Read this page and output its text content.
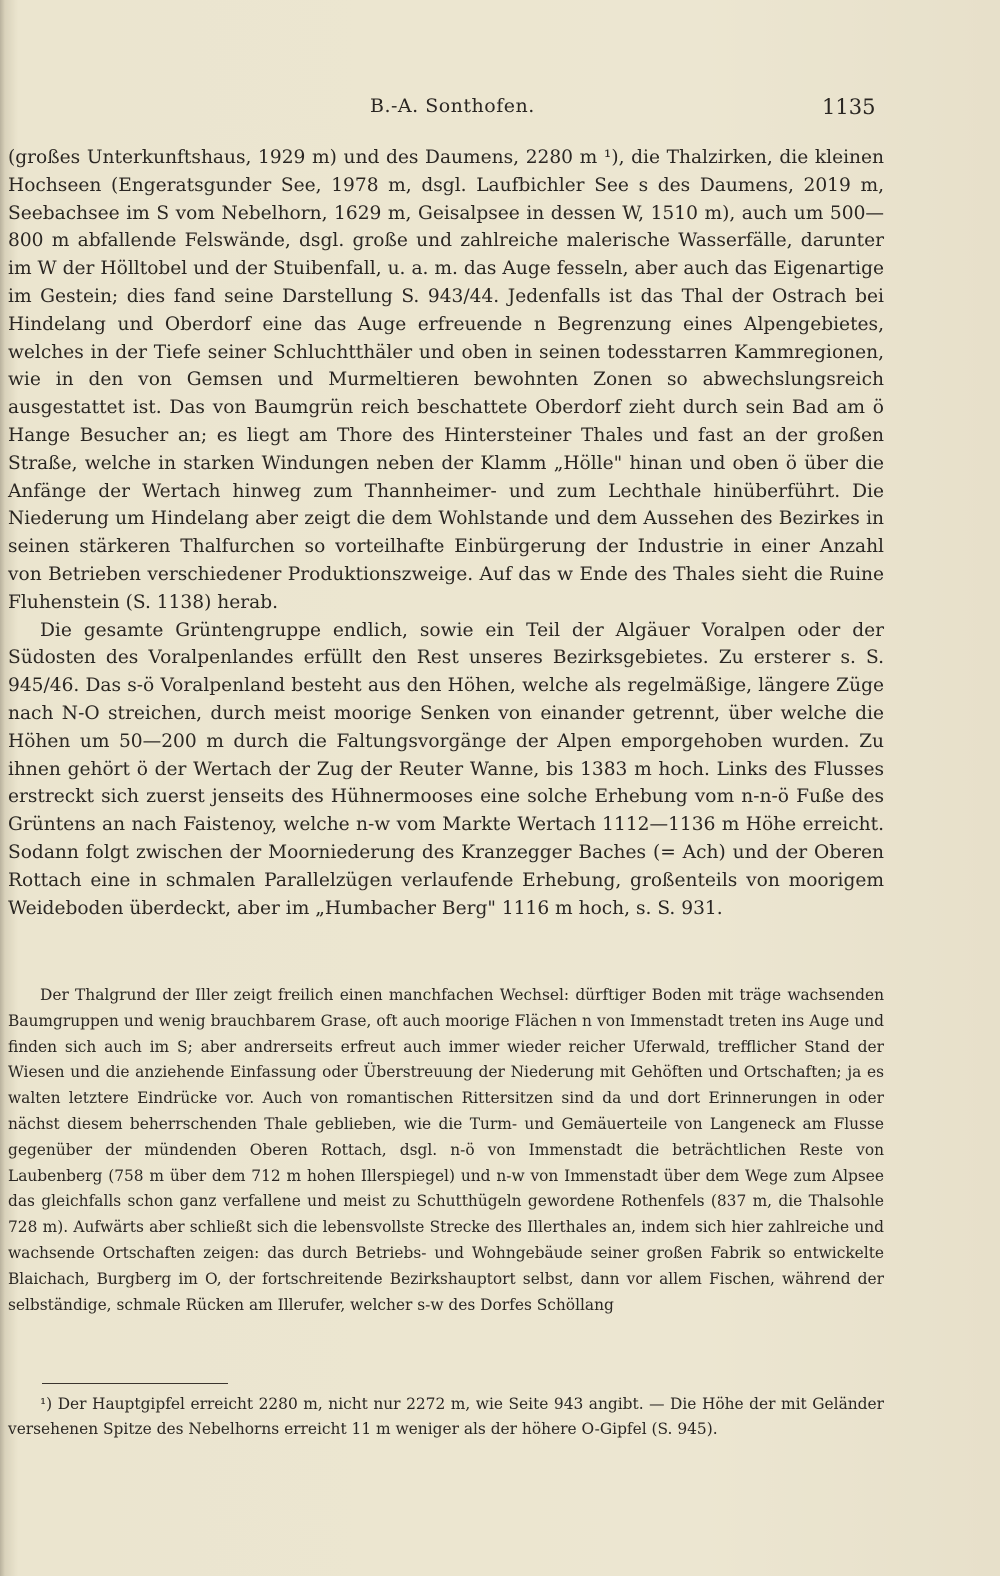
B.-A. Sonthofen.	1135

(großes Unterkunftshaus, 1929 m) und des Daumens, 2280 m ¹), die Thalzirken, die kleinen Hochseen (Engeratsgunder See, 1978 m, dsgl. Laufbichler See s des Daumens, 2019 m, Seebachsee im S vom Nebelhorn, 1629 m, Geisalpsee in dessen W, 1510 m), auch um 500—800 m abfallende Felswände, dsgl. große und zahlreiche malerische Wasserfälle, darunter im W der Hölltobel und der Stuibenfall, u. a. m. das Auge fesseln, aber auch das Eigenartige im Gestein; dies fand seine Darstellung S. 943/44. Jedenfalls ist das Thal der Ostrach bei Hindelang und Oberdorf eine das Auge erfreuende n Begrenzung eines Alpengebietes, welches in der Tiefe seiner Schluchtthäler und oben in seinen todesstarren Kammregionen, wie in den von Gemsen und Murmeltieren bewohnten Zonen so abwechslungsreich ausgestattet ist. Das von Baumgrün reich beschattete Oberdorf zieht durch sein Bad am ö Hange Besucher an; es liegt am Thore des Hintersteiner Thales und fast an der großen Straße, welche in starken Windungen neben der Klamm „Hölle" hinan und oben ö über die Anfänge der Wertach hinweg zum Thannheimer- und zum Lechthale hinüberführt. Die Niederung um Hindelang aber zeigt die dem Wohlstande und dem Aussehen des Bezirkes in seinen stärkeren Thalfurchen so vorteilhafte Einbürgerung der Industrie in einer Anzahl von Betrieben verschiedener Produktionszweige. Auf das w Ende des Thales sieht die Ruine Fluhenstein (S. 1138) herab.

Die gesamte Grüntengruppe endlich, sowie ein Teil der Algäuer Voralpen oder der Südosten des Voralpenlandes erfüllt den Rest unseres Bezirksgebietes. Zu ersterer s. S. 945/46. Das s-ö Voralpenland besteht aus den Höhen, welche als regelmäßige, längere Züge nach N-O streichen, durch meist moorige Senken von einander getrennt, über welche die Höhen um 50—200 m durch die Faltungsvorgänge der Alpen emporgehoben wurden. Zu ihnen gehört ö der Wertach der Zug der Reuter Wanne, bis 1383 m hoch. Links des Flusses erstreckt sich zuerst jenseits des Hühnermooses eine solche Erhebung vom n-n-ö Fuße des Grüntens an nach Faistenoy, welche n-w vom Markte Wertach 1112—1136 m Höhe erreicht. Sodann folgt zwischen der Moorniederung des Kranzegger Baches (= Ach) und der Oberen Rottach eine in schmalen Parallelzügen verlaufende Erhebung, großenteils von moorigem Weideboden überdeckt, aber im „Humbacher Berg" 1116 m hoch, s. S. 931.

Der Thalgrund der Iller zeigt freilich einen manchfachen Wechsel: dürftiger Boden mit träge wachsenden Baumgruppen und wenig brauchbarem Grase, oft auch moorige Flächen n von Immenstadt treten ins Auge und finden sich auch im S; aber andrerseits erfreut auch immer wieder reicher Uferwald, trefflicher Stand der Wiesen und die anziehende Einfassung oder Überstreuung der Niederung mit Gehöften und Ortschaften; ja es walten letztere Eindrücke vor. Auch von romantischen Rittersitzen sind da und dort Erinnerungen in oder nächst diesem beherrschenden Thale geblieben, wie die Turm- und Gemäuerteile von Langeneck am Flusse gegenüber der mündenden Oberen Rottach, dsgl. n-ö von Immenstadt die beträchtlichen Reste von Laubenberg (758 m über dem 712 m hohen Illerspiegel) und n-w von Immenstadt über dem Wege zum Alpsee das gleichfalls schon ganz verfallene und meist zu Schutthügeln gewordene Rothenfels (837 m, die Thalsohle 728 m). Aufwärts aber schließt sich die lebensvollste Strecke des Illerthales an, indem sich hier zahlreiche und wachsende Ortschaften zeigen: das durch Betriebs- und Wohngebäude seiner großen Fabrik so entwickelte Blaichach, Burgberg im O, der fortschreitende Bezirkshauptort selbst, dann vor allem Fischen, während der selbständige, schmale Rücken am Illerufer, welcher s-w des Dorfes Schöllang

¹) Der Hauptgipfel erreicht 2280 m, nicht nur 2272 m, wie Seite 943 angibt. — Die Höhe der mit Geländer versehenen Spitze des Nebelhorns erreicht 11 m weniger als der höhere O-Gipfel (S. 945).
